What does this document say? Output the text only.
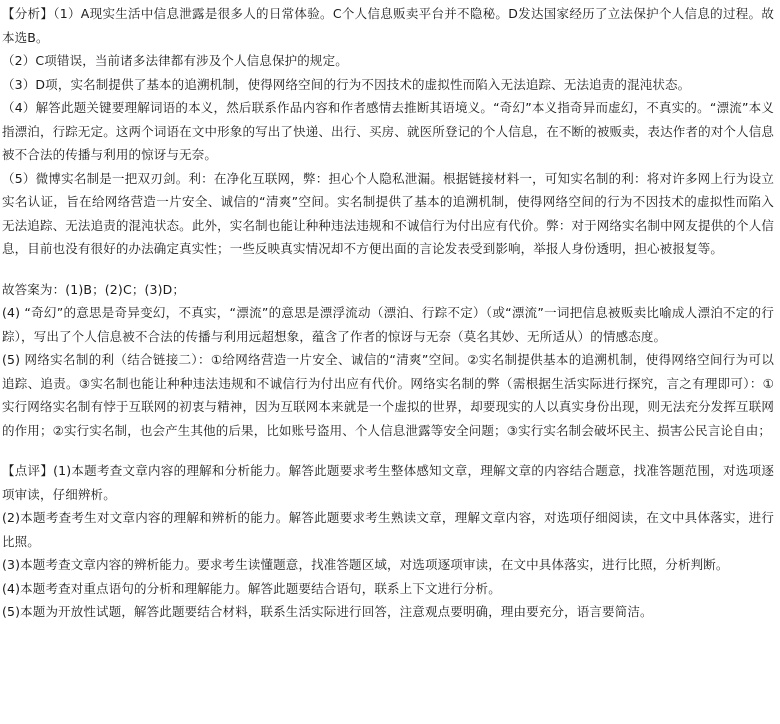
【分析】（1）A现实生活中信息泄露是很多人的日常体验。C个人信息贩卖平台并不隐秘。D发达国家经历了立法保护个人信息的过程。故本选B。

（2）C项错误，当前诸多法律都有涉及个人信息保护的规定。

（3）D项，实名制提供了基本的追溯机制，使得网络空间的行为不因技术的虚拟性而陷入无法追踪、无法追责的混沌状态。

（4）解答此题关键要理解词语的本义，然后联系作品内容和作者感情去推断其语境义。“奇幻”本义指奇异而虚幻，不真实的。“漂流”本义指漂泊，行踪无定。这两个词语在文中形象的写出了快递、出行、买房、就医所登记的个人信息，在不断的被贩卖，表达作者的对个人信息被不合法的传播与利用的惊讶与无奈。

（5）微博实名制是一把双刃剑。利：在净化互联网，弊：担心个人隐私泄漏。根据链接材料一，可知实名制的利：将对许多网上行为设立实名认证，旨在给网络营造一片安全、诚信的“清爽”空间。实名制提供了基本的追溯机制，使得网络空间的行为不因技术的虚拟性而陷入无法追踪、无法追责的混沌状态。此外，实名制也能让种种违法违规和不诚信行为付出应有代价。弊：对于网络实名制中网友提供的个人信息，目前也没有很好的办法确定真实性；一些反映真实情况却不方便出面的言论发表受到影响，举报人身份透明，担心被报复等。

故答案为：(1)B；(2)C；(3)D；

(4) “奇幻”的意思是奇异变幻，不真实，“漂流”的意思是漂浮流动（漂泊、行踪不定）（或“漂流”一词把信息被贩卖比喻成人漂泊不定的行踪），写出了个人信息被不合法的传播与利用远超想象，蕴含了作者的惊讶与无奈（莫名其妙、无所适从）的情感态度。

(5) 网络实名制的利（结合链接二）：①给网络营造一片安全、诚信的“清爽”空间。②实名制提供基本的追溯机制，使得网络空间行为可以追踪、追责。③实名制也能让种种违法违规和不诚信行为付出应有代价。网络实名制的弊（需根据生活实际进行探究，言之有理即可）：①实行网络实名制有悖于互联网的初衷与精神，因为互联网本来就是一个虚拟的世界，却要现实的人以真实身份出现，则无法充分发挥互联网的作用；②实行实名制，也会产生其他的后果，比如账号盗用、个人信息泄露等安全问题；③实行实名制会破坏民主、损害公民言论自由；

【点评】(1)本题考查文章内容的理解和分析能力。解答此题要求考生整体感知文章，理解文章的内容结合题意，找准答题范围，对选项逐项审读，仔细辨析。

(2)本题考查考生对文章内容的理解和辨析的能力。解答此题要求考生熟读文章，理解文章内容，对选项仔细阅读，在文中具体落实，进行比照。

(3)本题考查文章内容的辨析能力。要求考生读懂题意，找准答题区域，对选项逐项审读，在文中具体落实，进行比照，分析判断。

(4)本题考查对重点语句的分析和理解能力。解答此题要结合语句，联系上下文进行分析。

(5)本题为开放性试题，解答此题要结合材料，联系生活实际进行回答，注意观点要明确，理由要充分，语言要简洁。
